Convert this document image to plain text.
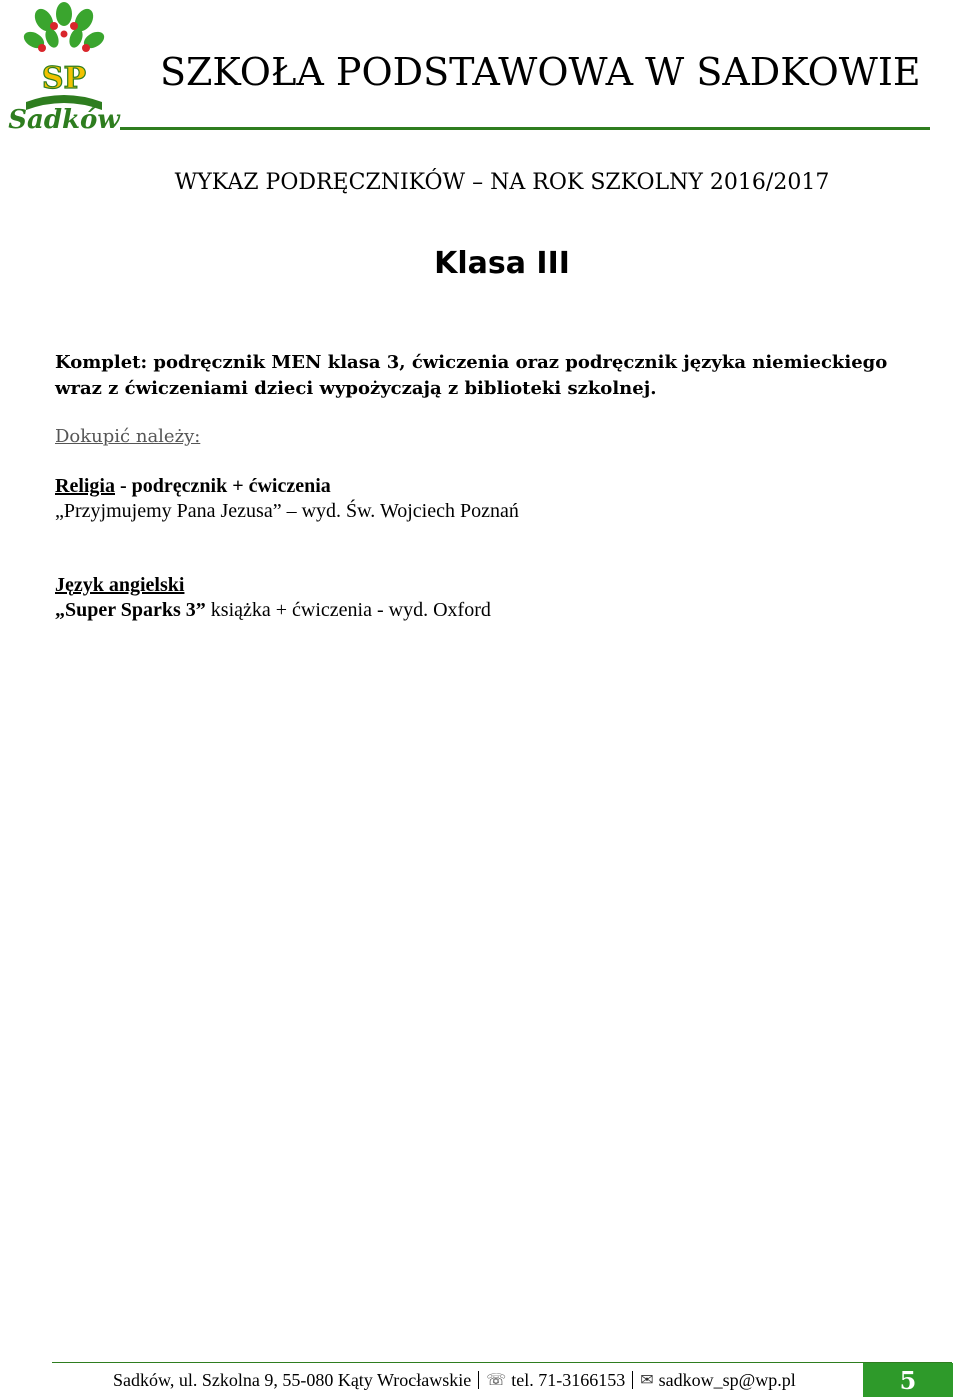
SP
Sadków
SZKOŁA PODSTAWOWA W SADKOWIE
WYKAZ PODRĘCZNIKÓW – NA ROK SZKOLNY 2016/2017
Klasa III
Komplet: podręcznik MEN klasa 3, ćwiczenia oraz podręcznik języka niemieckiego
wraz z ćwiczeniami dzieci wypożyczają z biblioteki szkolnej.
Dokupić należy:
Religia - podręcznik + ćwiczenia
„Przyjmujemy Pana Jezusa” – wyd. Św. Wojciech Poznań
Język angielski
„Super Sparks 3” książka + ćwiczenia - wyd. Oxford
Sadków, ul. Szkolna 9, 55-080 Kąty Wrocławskie ☏ tel. 71-3166153 ✉ sadkow_sp@wp.pl	5
